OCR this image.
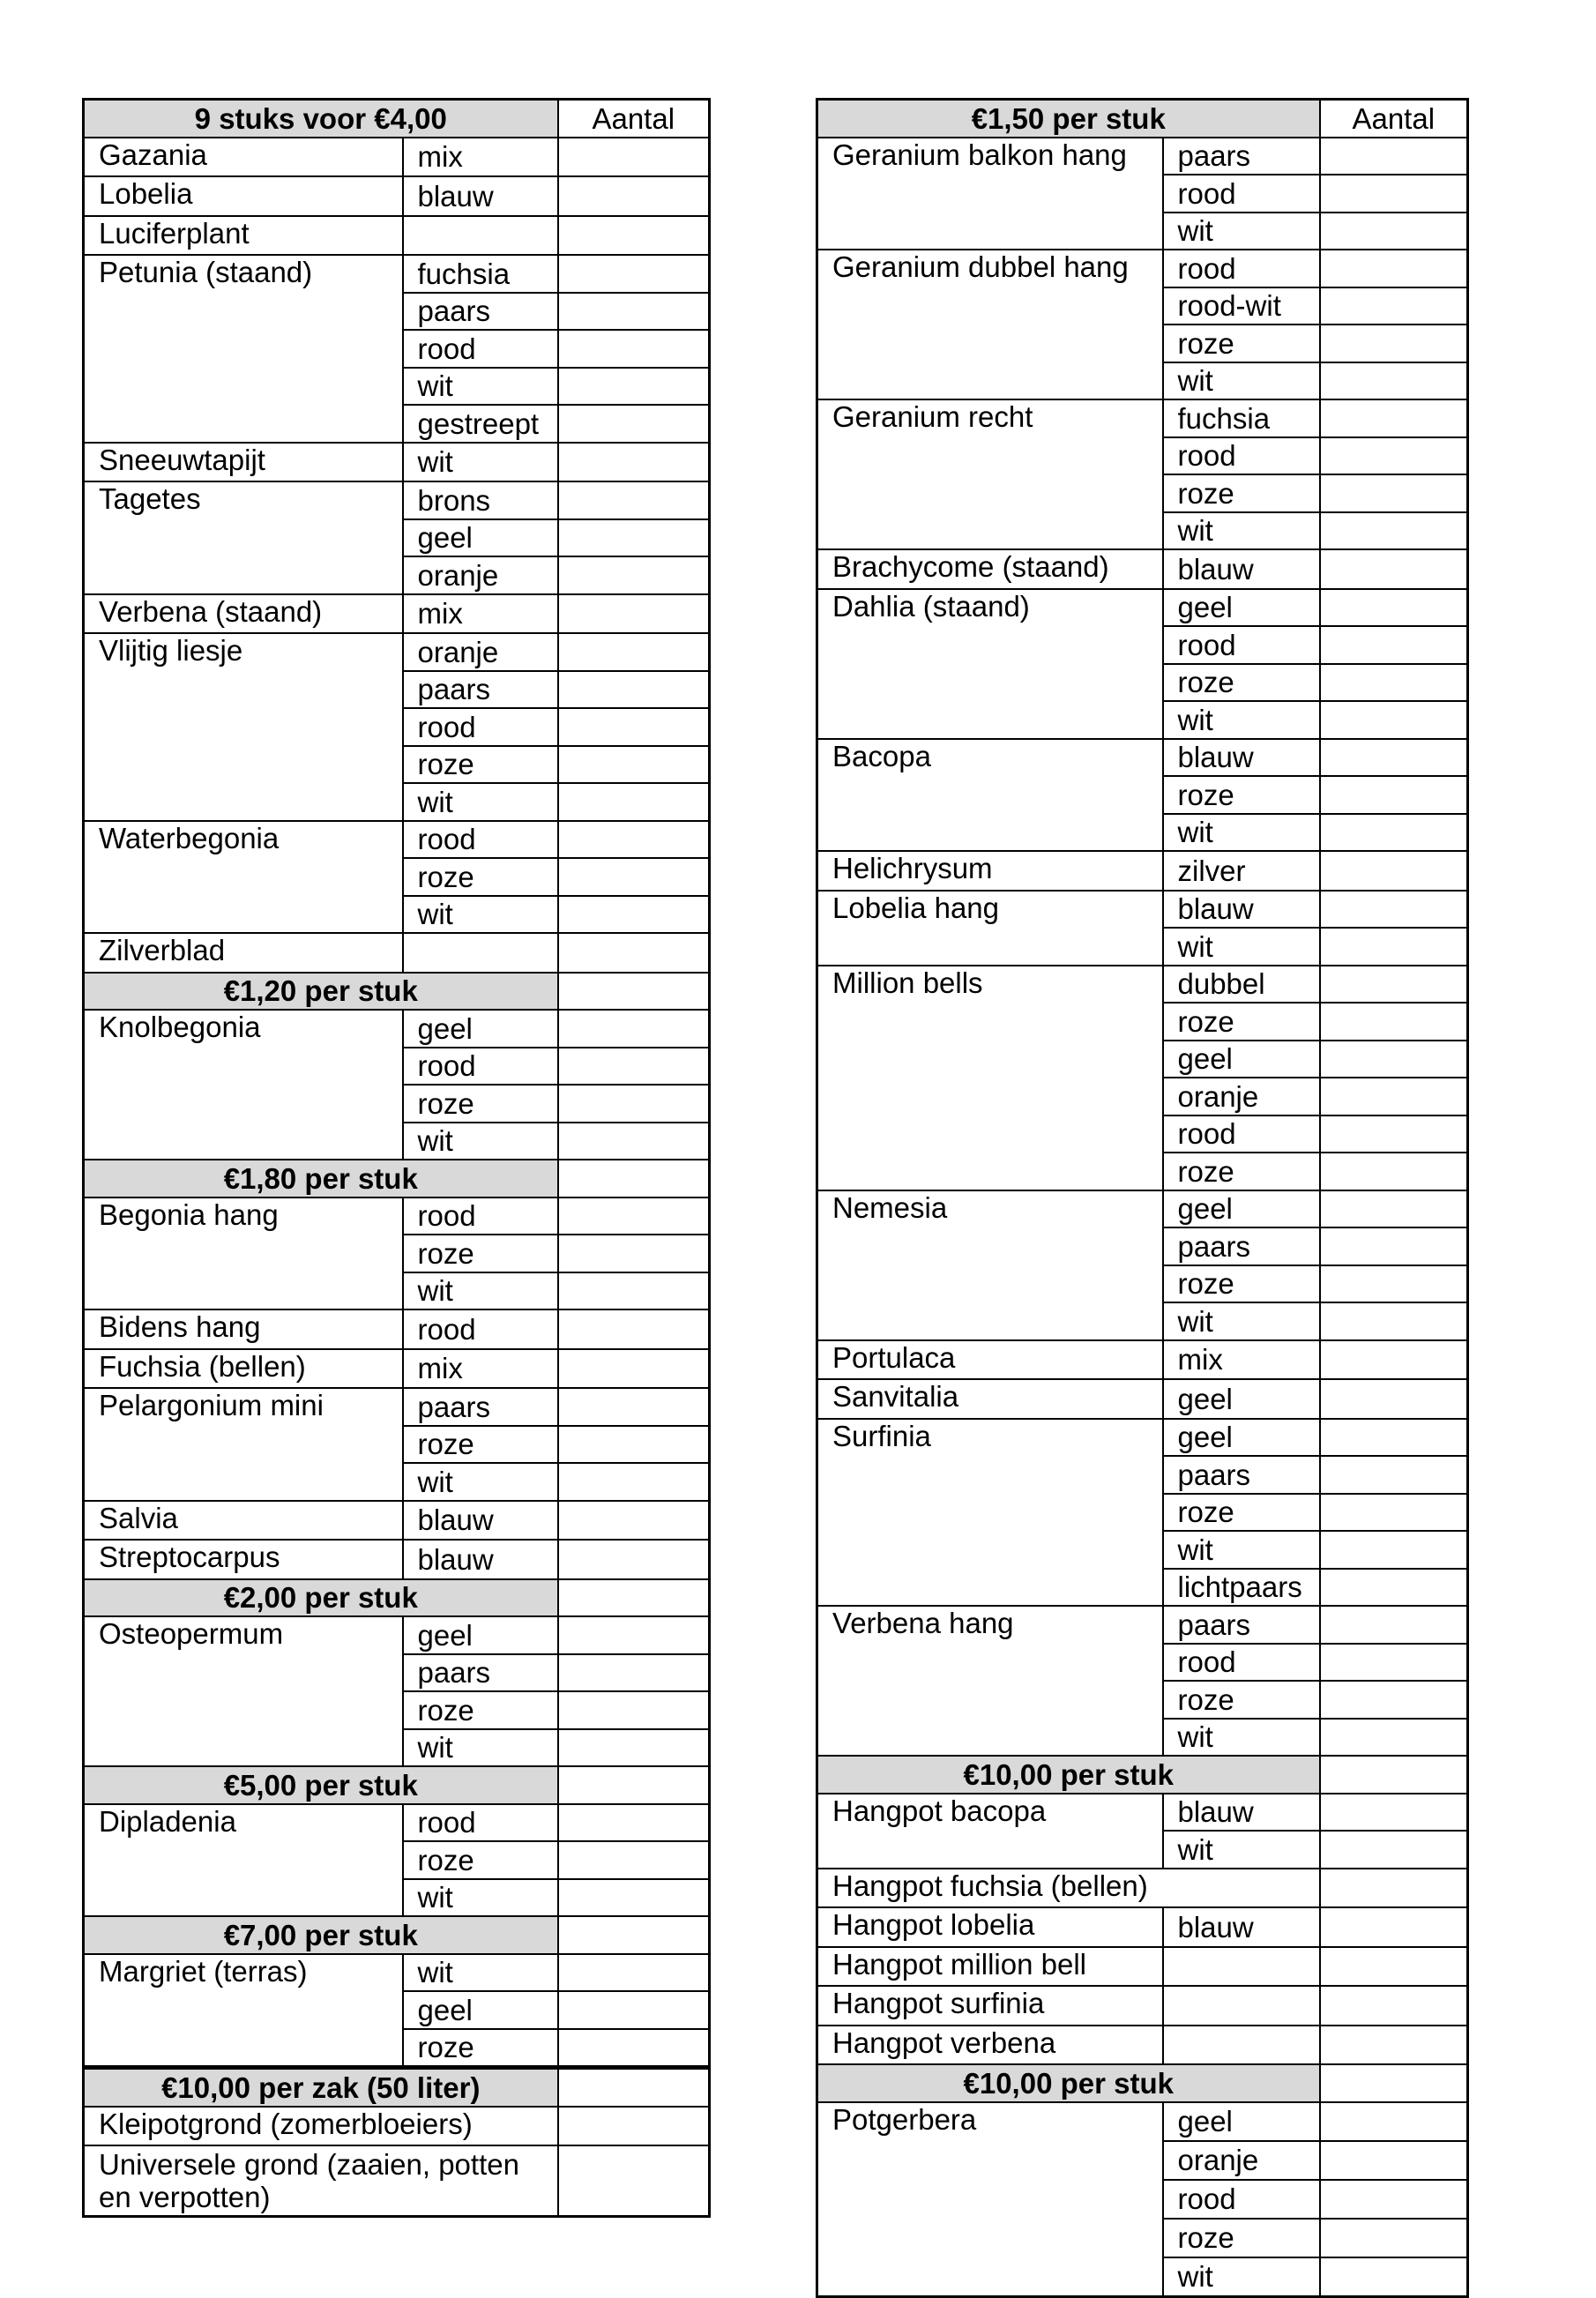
9 stuks voor €4,00		Aantal
Gazania	mix	
Lobelia	blauw	
Luciferplant		
Petunia (staand)	fuchsia	
	paars	
	rood	
	wit	
	gestreept	
Sneeuwtapijt	wit	
Tagetes	brons	
	geel	
	oranje	
Verbena (staand)	mix	
Vlijtig liesje	oranje	
	paars	
	rood	
	roze	
	wit	
Waterbegonia	rood	
	roze	
	wit	
Zilverblad		
€1,20 per stuk		
Knolbegonia	geel	
	rood	
	roze	
	wit	
€1,80 per stuk		
Begonia hang	rood	
	roze	
	wit	
Bidens hang	rood	
Fuchsia (bellen)	mix	
Pelargonium mini	paars	
	roze	
	wit	
Salvia	blauw	
Streptocarpus	blauw	
€2,00 per stuk		
Osteopermum	geel	
	paars	
	roze	
	wit	
€5,00 per stuk		
Dipladenia	rood	
	roze	
	wit	
€7,00 per stuk		
Margriet (terras)	wit	
	geel	
	roze	
€10,00 per zak (50 liter)		
Kleipotgrond (zomerbloeiers)		
Universele grond (zaaien, potten en verpotten)		
€1,50 per stuk		Aantal
Geranium balkon hang	paars	
	rood	
	wit	
Geranium dubbel hang	rood	
	rood-wit	
	roze	
	wit	
Geranium recht	fuchsia	
	rood	
	roze	
	wit	
Brachycome (staand)	blauw	
Dahlia (staand)	geel	
	rood	
	roze	
	wit	
Bacopa	blauw	
	roze	
	wit	
Helichrysum	zilver	
Lobelia hang	blauw	
	wit	
Million bells	dubbel	
	roze	
	geel	
	oranje	
	rood	
	roze	
Nemesia	geel	
	paars	
	roze	
	wit	
Portulaca	mix	
Sanvitalia	geel	
Surfinia	geel	
	paars	
	roze	
	wit	
	lichtpaars	
Verbena hang	paars	
	rood	
	roze	
	wit	
€10,00 per stuk		
Hangpot bacopa	blauw	
	wit	
Hangpot fuchsia (bellen)		
Hangpot lobelia	blauw	
Hangpot million bell		
Hangpot surfinia		
Hangpot verbena		
€10,00 per stuk		
Potgerbera	geel	
	oranje	
	rood	
	roze	
	wit	
